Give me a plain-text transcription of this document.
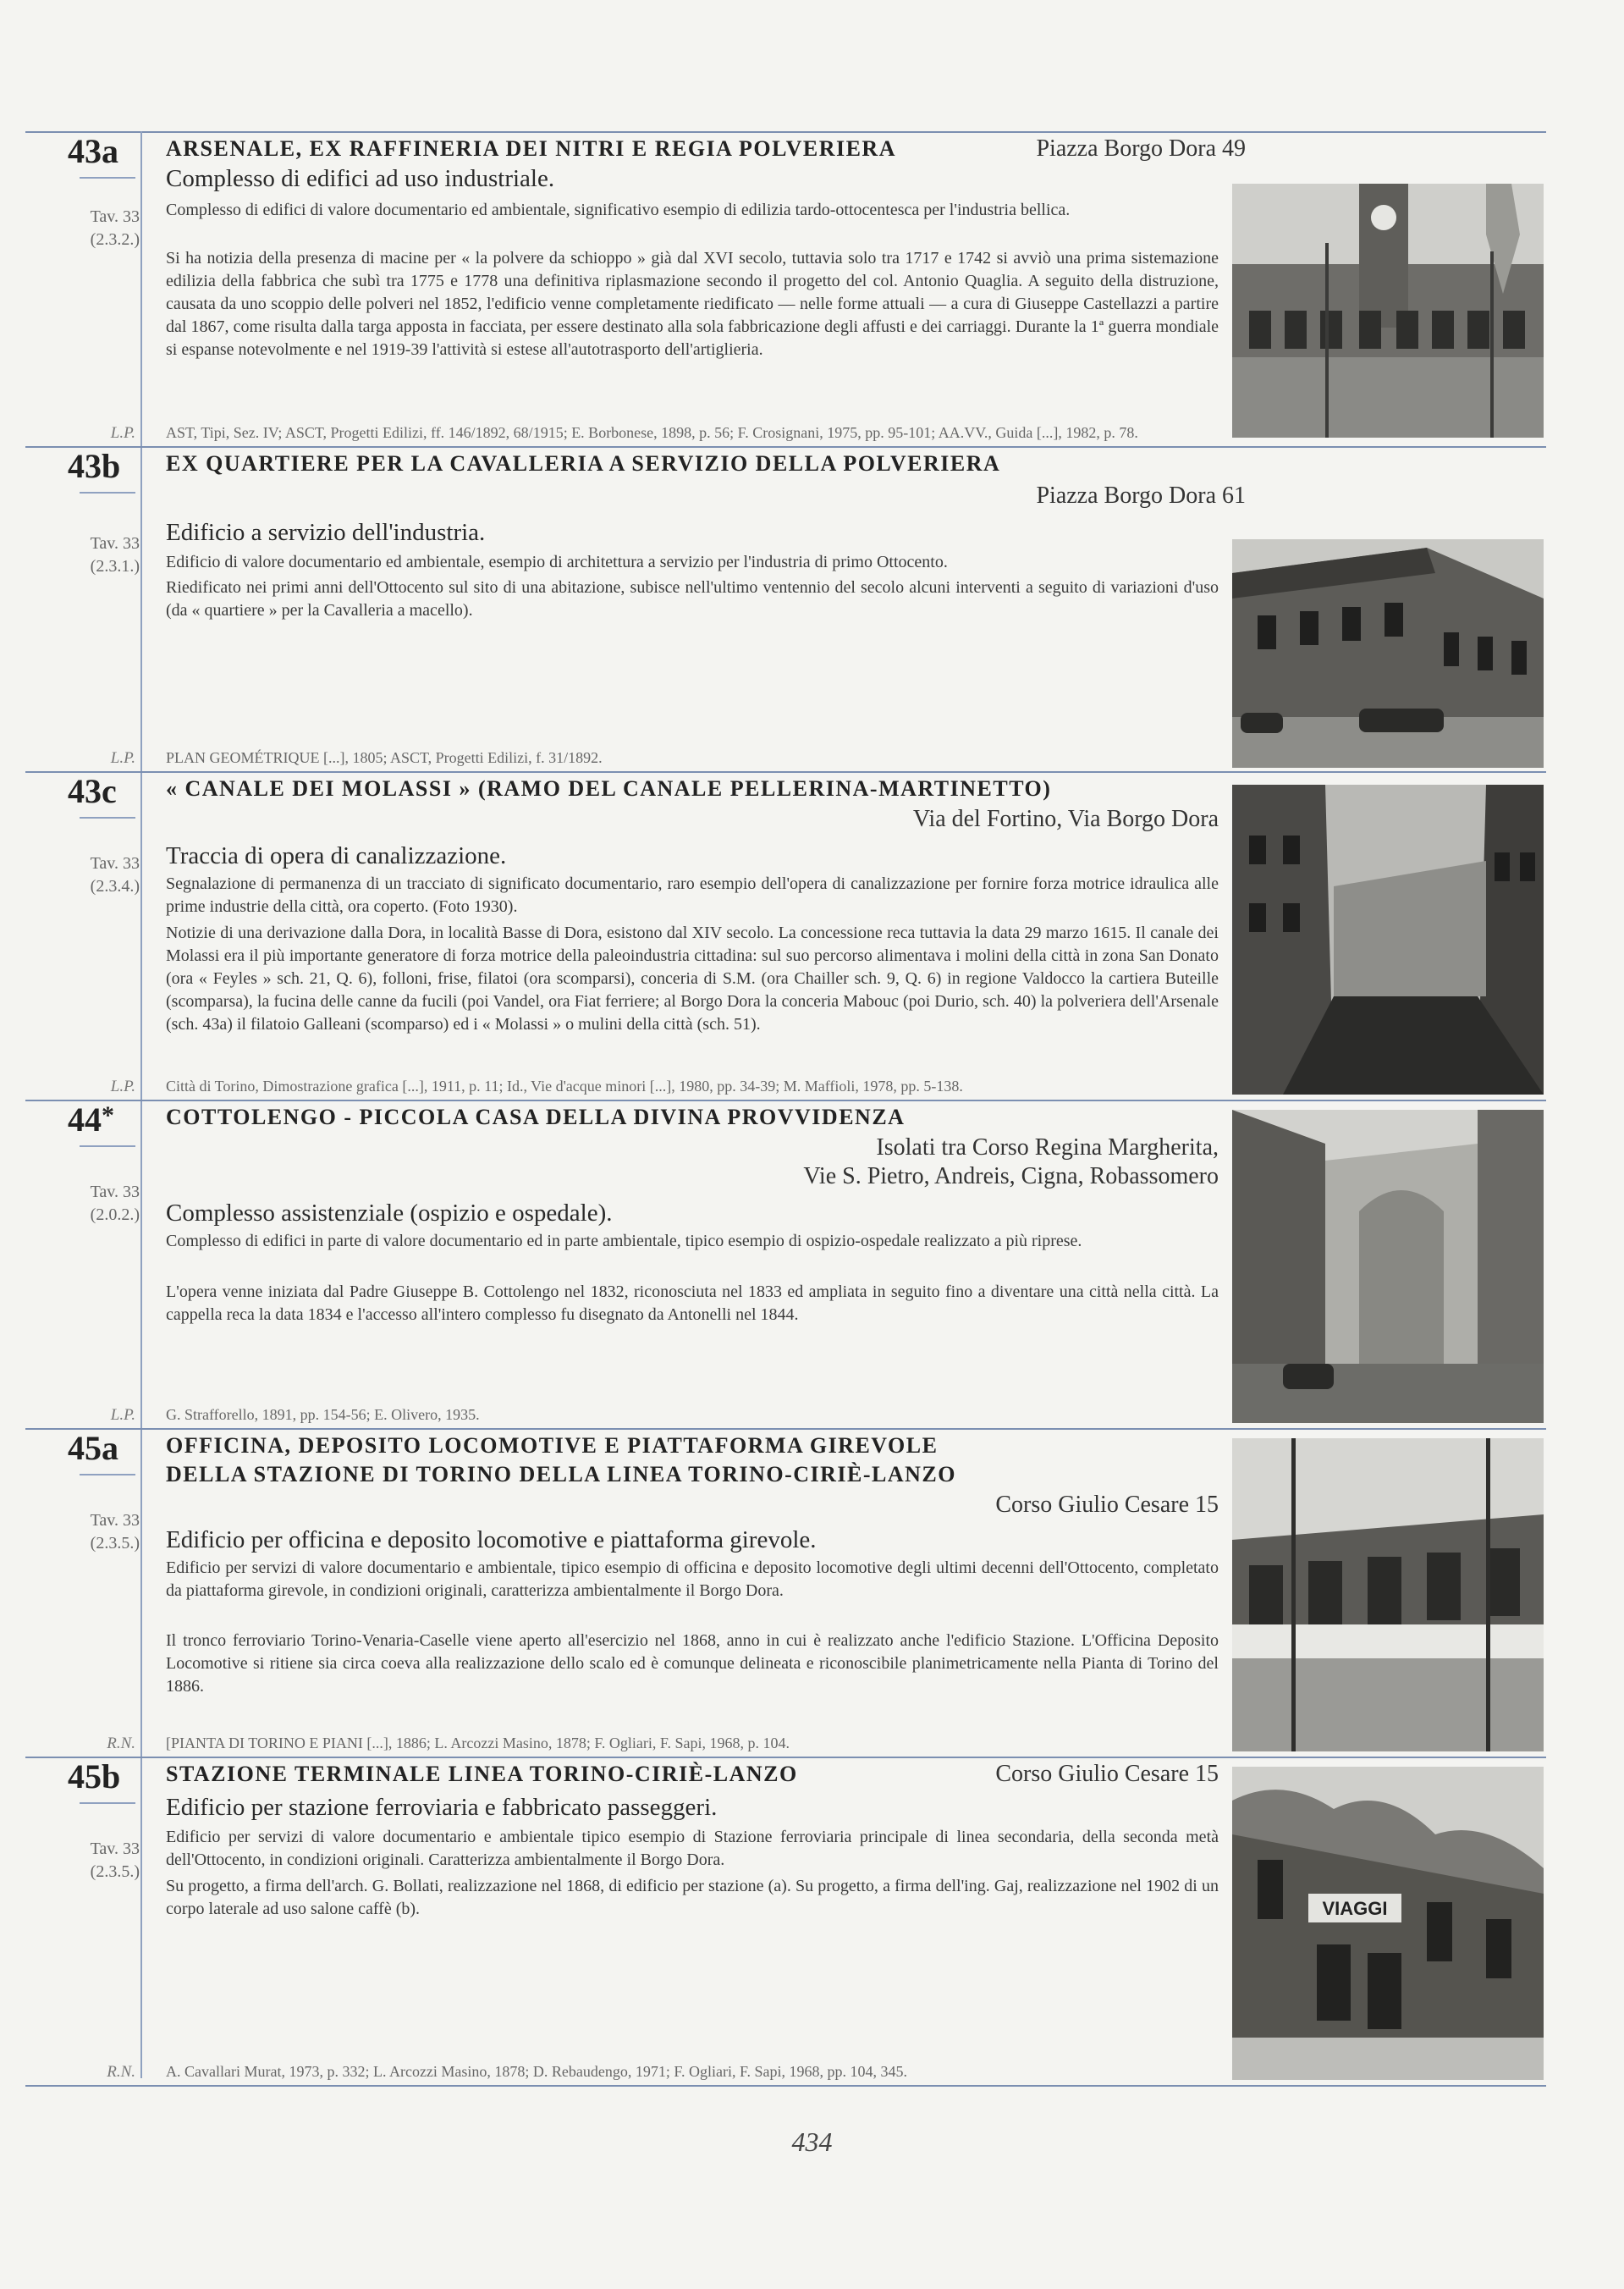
43a
Tav. 33
(2.3.2.)
L.P.
ARSENALE, EX RAFFINERIA DEI NITRI E REGIA POLVERIERA	Piazza Borgo Dora 49
Complesso di edifici ad uso industriale.

Complesso di edifici di valore documentario ed ambientale, significativo esempio di edilizia tardo-ottocentesca per l'industria bellica.

Si ha notizia della presenza di macine per « la polvere da schioppo » già dal XVI secolo, tuttavia solo tra 1717 e 1742 si avviò una prima sistemazione edilizia della fabbrica che subì tra 1775 e 1778 una definitiva riplasmazione secondo il progetto del col. Antonio Quaglia. A seguito della distruzione, causata da uno scoppio delle polveri nel 1852, l'edificio venne completamente riedificato — nelle forme attuali — a cura di Giuseppe Castellazzi a partire dal 1867, come risulta dalla targa apposta in facciata, per essere destinato alla sola fabbricazione degli affusti e dei carriaggi. Durante la 1ª guerra mondiale si espanse notevolmente e nel 1919-39 l'attività si estese all'autotrasporto dell'artiglieria.

AST, Tipi, Sez. IV; ASCT, Progetti Edilizi, ff. 146/1892, 68/1915; E. Borbonese, 1898, p. 56; F. Crosignani, 1975, pp. 95-101; AA.VV., Guida [...], 1982, p. 78.
43b
Tav. 33
(2.3.1.)
L.P.
EX QUARTIERE PER LA CAVALLERIA A SERVIZIO DELLA POLVERIERA
Piazza Borgo Dora 61
Edificio a servizio dell'industria.

Edificio di valore documentario ed ambientale, esempio di architettura a servizio per l'industria di primo Ottocento.

Riedificato nei primi anni dell'Ottocento sul sito di una abitazione, subisce nell'ultimo ventennio del secolo alcuni interventi a seguito di variazioni d'uso (da « quartiere » per la Cavalleria a macello).

PLAN GEOMÉTRIQUE [...], 1805; ASCT, Progetti Edilizi, f. 31/1892.
43c
Tav. 33
(2.3.4.)
L.P.
« CANALE DEI MOLASSI » (RAMO DEL CANALE PELLERINA-MARTINETTO)
Via del Fortino, Via Borgo Dora
Traccia di opera di canalizzazione.

Segnalazione di permanenza di un tracciato di significato documentario, raro esempio dell'opera di canalizzazione per fornire forza motrice idraulica alle prime industrie della città, ora coperto. (Foto 1930).

Notizie di una derivazione dalla Dora, in località Basse di Dora, esistono dal XIV secolo. La concessione reca tuttavia la data 29 marzo 1615. Il canale dei Molassi era il più importante generatore di forza motrice della paleoindustria cittadina: sul suo percorso alimentava i molini della città in zona San Donato (ora « Feyles » sch. 21, Q. 6), folloni, frise, filatoi (ora scomparsi), conceria di S.M. (ora Chailler sch. 9, Q. 6) in regione Valdocco la cartiera Buteille (scomparsa), la fucina delle canne da fucili (poi Vandel, ora Fiat ferriere; al Borgo Dora la conceria Mabouc (poi Durio, sch. 40) la polveriera dell'Arsenale (sch. 43a) il filatoio Galleani (scomparso) ed i « Molassi » o mulini della città (sch. 51).

Città di Torino, Dimostrazione grafica [...], 1911, p. 11; Id., Vie d'acque minori [...], 1980, pp. 34-39; M. Maffioli, 1978, pp. 5-138.
44*
Tav. 33
(2.0.2.)
L.P.
COTTOLENGO - PICCOLA CASA DELLA DIVINA PROVVIDENZA
Isolati tra Corso Regina Margherita,
Vie S. Pietro, Andreis, Cigna, Robassomero
Complesso assistenziale (ospizio e ospedale).

Complesso di edifici in parte di valore documentario ed in parte ambientale, tipico esempio di ospizio-ospedale realizzato a più riprese.

L'opera venne iniziata dal Padre Giuseppe B. Cottolengo nel 1832, riconosciuta nel 1833 ed ampliata in seguito fino a diventare una città nella città. La cappella reca la data 1834 e l'accesso all'intero complesso fu disegnato da Antonelli nel 1844.

G. Strafforello, 1891, pp. 154-56; E. Olivero, 1935.
45a
Tav. 33
(2.3.5.)
R.N.
OFFICINA, DEPOSITO LOCOMOTIVE E PIATTAFORMA GIREVOLE
DELLA STAZIONE DI TORINO DELLA LINEA TORINO-CIRIÈ-LANZO
Corso Giulio Cesare 15
Edificio per officina e deposito locomotive e piattaforma girevole.

Edificio per servizi di valore documentario e ambientale, tipico esempio di officina e deposito locomotive degli ultimi decenni dell'Ottocento, completato da piattaforma girevole, in condizioni originali, caratterizza ambientalmente il Borgo Dora.

Il tronco ferroviario Torino-Venaria-Caselle viene aperto all'esercizio nel 1868, anno in cui è realizzato anche l'edificio Stazione. L'Officina Deposito Locomotive si ritiene sia circa coeva alla realizzazione dello scalo ed è comunque delineata e riconoscibile planimetricamente nella Pianta di Torino del 1886.

[PIANTA DI TORINO E PIANI [...], 1886; L. Arcozzi Masino, 1878; F. Ogliari, F. Sapi, 1968, p. 104.
45b
Tav. 33
(2.3.5.)
R.N.
STAZIONE TERMINALE LINEA TORINO-CIRIÈ-LANZO	Corso Giulio Cesare 15
Edificio per stazione ferroviaria e fabbricato passeggeri.

Edificio per servizi di valore documentario e ambientale tipico esempio di Stazione ferroviaria principale di linea secondaria, della seconda metà dell'Ottocento, in condizioni originali. Caratterizza ambientalmente il Borgo Dora.

Su progetto, a firma dell'arch. G. Bollati, realizzazione nel 1868, di edificio per stazione (a). Su progetto, a firma dell'ing. Gaj, realizzazione nel 1902 di un corpo laterale ad uso salone caffè (b).

A. Cavallari Murat, 1973, p. 332; L. Arcozzi Masino, 1878; D. Rebaudengo, 1971; F. Ogliari, F. Sapi, 1968, pp. 104, 345.
VIAGGI
434
